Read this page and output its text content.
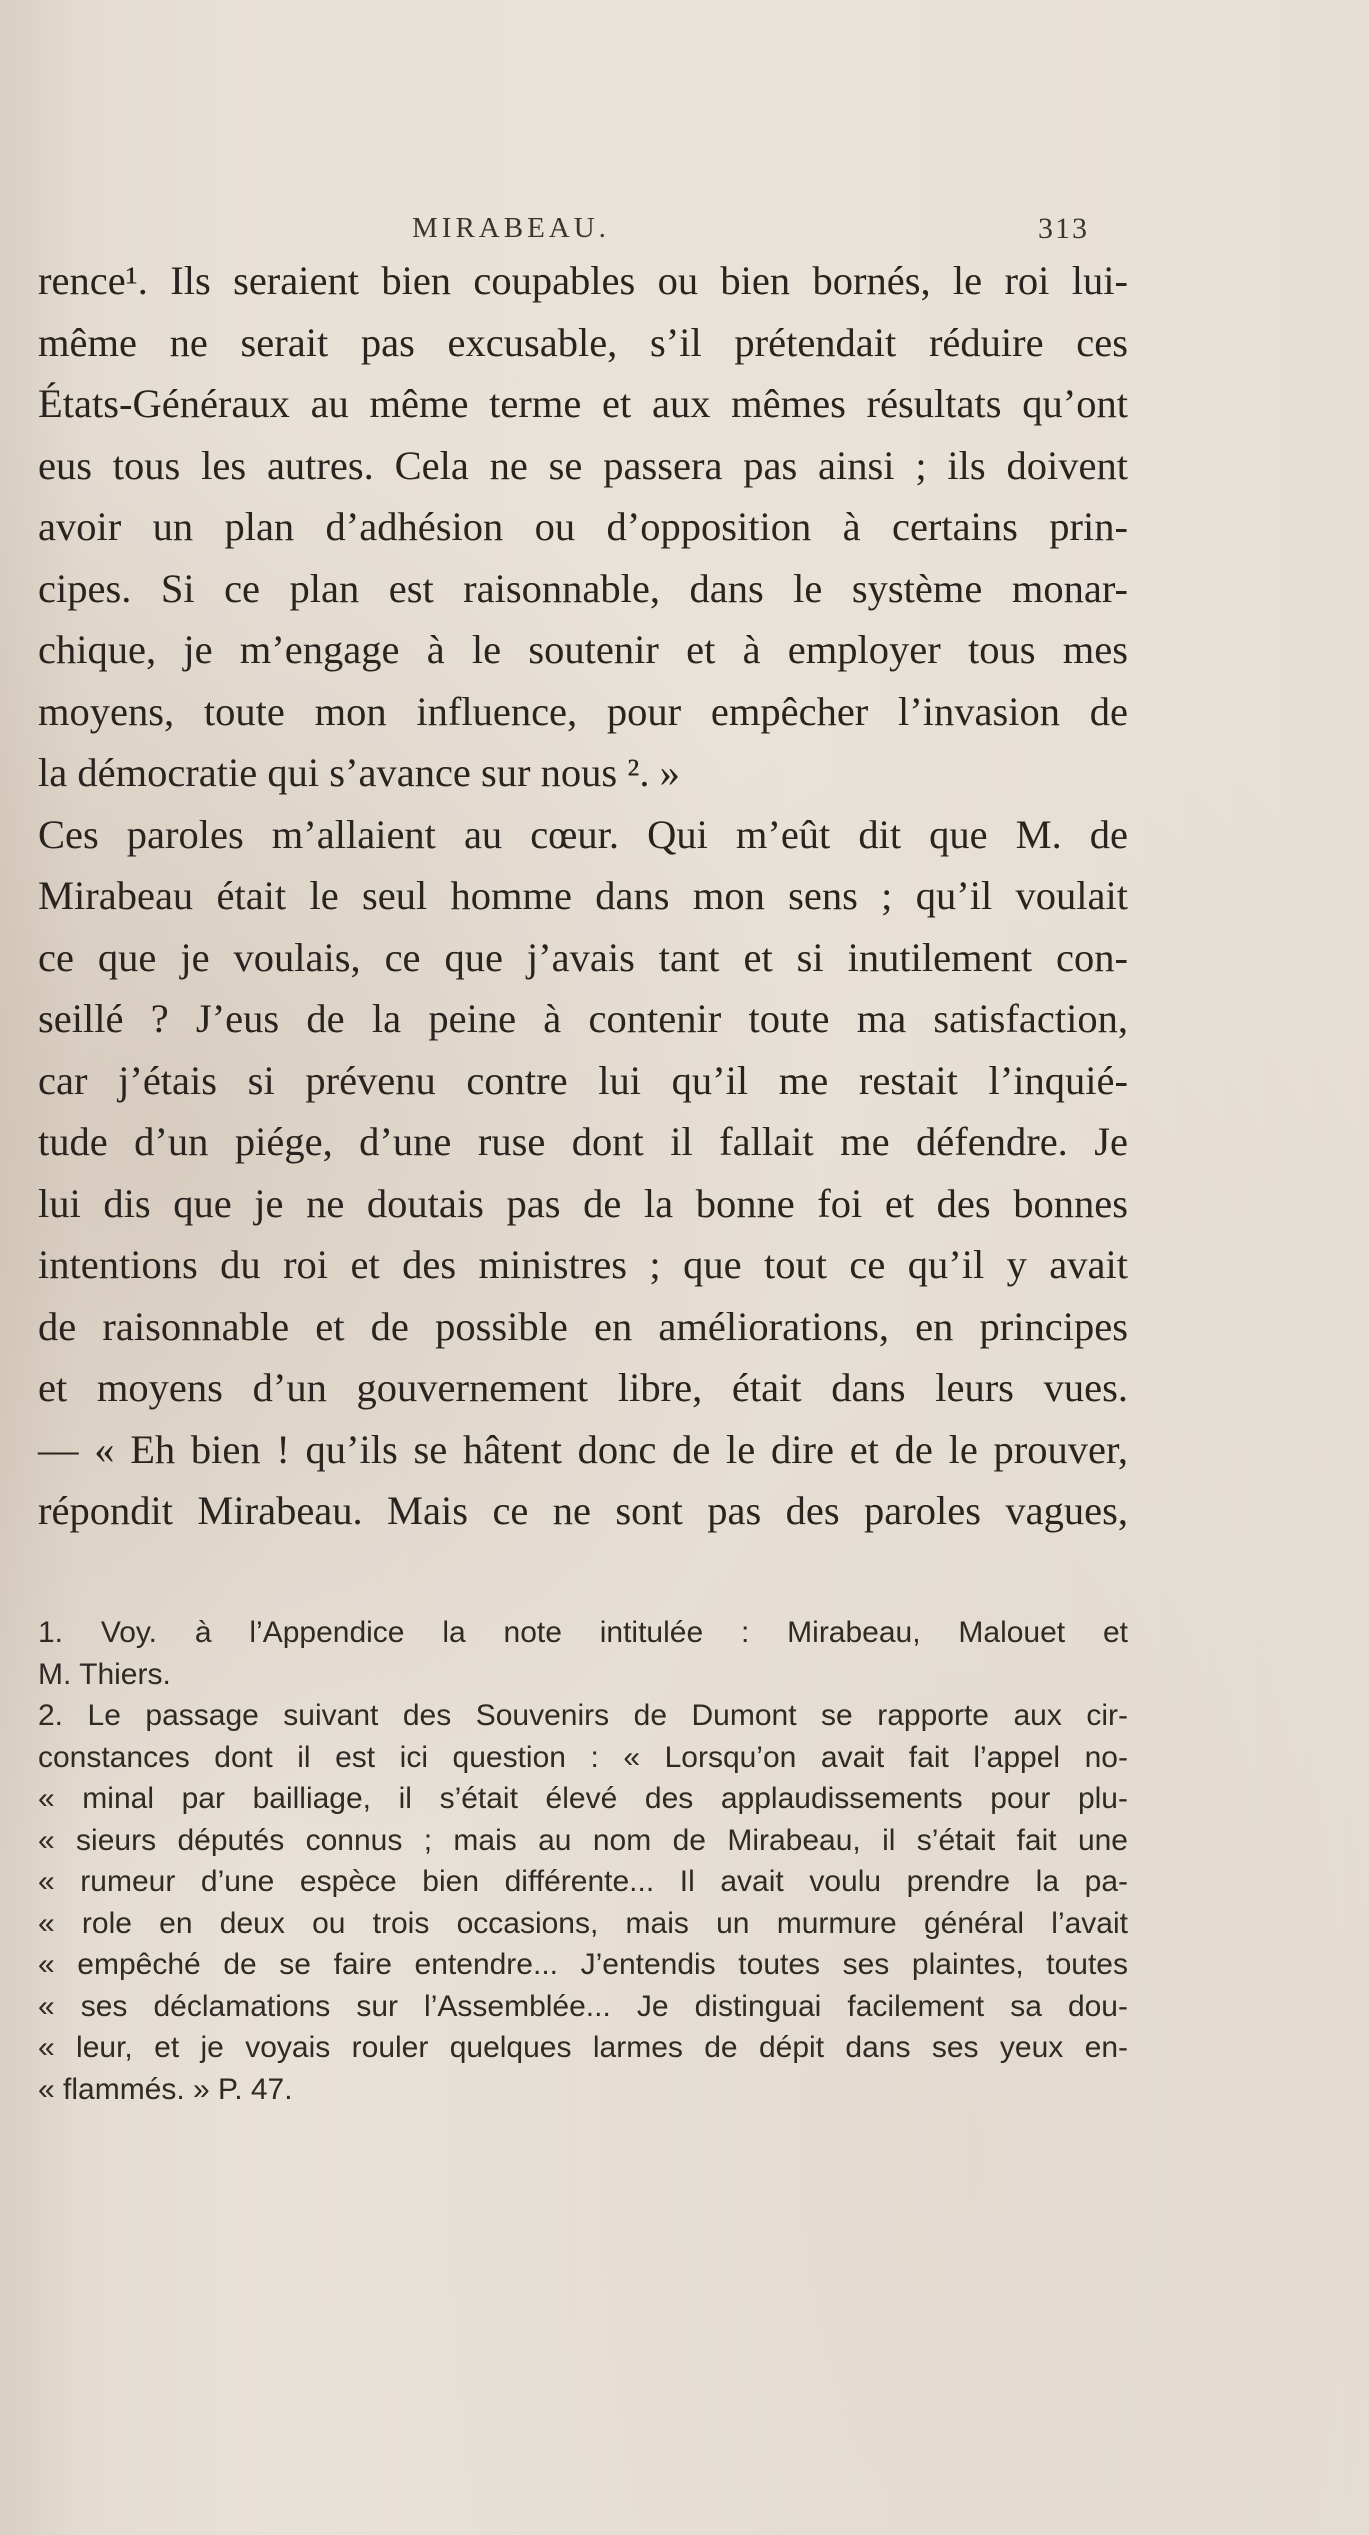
MIRABEAU.	313
rence¹. Ils seraient bien coupables ou bien bornés, le roi lui-
même ne serait pas excusable, s’il prétendait réduire ces
États-Généraux au même terme et aux mêmes résultats qu’ont
eus tous les autres. Cela ne se passera pas ainsi ; ils doivent
avoir un plan d’adhésion ou d’opposition à certains prin-
cipes. Si ce plan est raisonnable, dans le système monar-
chique, je m’engage à le soutenir et à employer tous mes
moyens, toute mon influence, pour empêcher l’invasion de
la démocratie qui s’avance sur nous ². »
Ces paroles m’allaient au cœur. Qui m’eût dit que M. de
Mirabeau était le seul homme dans mon sens ; qu’il voulait
ce que je voulais, ce que j’avais tant et si inutilement con-
seillé ? J’eus de la peine à contenir toute ma satisfaction,
car j’étais si prévenu contre lui qu’il me restait l’inquié-
tude d’un piége, d’une ruse dont il fallait me défendre. Je
lui dis que je ne doutais pas de la bonne foi et des bonnes
intentions du roi et des ministres ; que tout ce qu’il y avait
de raisonnable et de possible en améliorations, en principes
et moyens d’un gouvernement libre, était dans leurs vues.
— « Eh bien ! qu’ils se hâtent donc de le dire et de le prouver,
répondit Mirabeau. Mais ce ne sont pas des paroles vagues,
1. Voy. à l’Appendice la note intitulée : Mirabeau, Malouet et
M. Thiers.
2. Le passage suivant des Souvenirs de Dumont se rapporte aux cir-
constances dont il est ici question : « Lorsqu’on avait fait l’appel no-
« minal par bailliage, il s’était élevé des applaudissements pour plu-
« sieurs députés connus ; mais au nom de Mirabeau, il s’était fait une
« rumeur d’une espèce bien différente... Il avait voulu prendre la pa-
« role en deux ou trois occasions, mais un murmure général l’avait
« empêché de se faire entendre... J’entendis toutes ses plaintes, toutes
« ses déclamations sur l’Assemblée... Je distinguai facilement sa dou-
« leur, et je voyais rouler quelques larmes de dépit dans ses yeux en-
« flammés. » P. 47.
